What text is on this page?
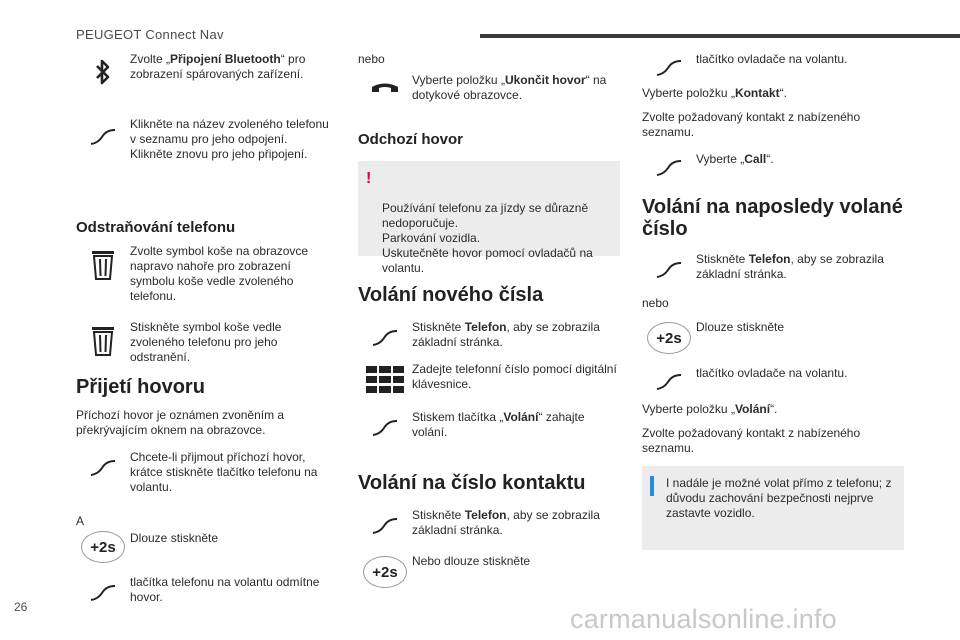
PEUGEOT Connect Nav
Zvolte „Připojení Bluetooth“ pro zobrazení spárovaných zařízení.
Klikněte na název zvoleného telefonu v seznamu pro jeho odpojení.
Klikněte znovu pro jeho připojení.
Odstraňování telefonu
Zvolte symbol koše na obrazovce napravo nahoře pro zobrazení symbolu koše vedle zvoleného telefonu.
Stiskněte symbol koše vedle zvoleného telefonu pro jeho odstranění.
Přijetí hovoru

Příchozí hovor je oznámen zvoněním a překrývajícím oknem na obrazovce.

Chcete-li přijmout příchozí hovor, krátce stiskněte tlačítko telefonu na volantu.

A

+2s
Dlouze stiskněte
tlačítka telefonu na volantu odmítne hovor.

nebo

Vyberte položku „Ukončit hovor“ na dotykové obrazovce.
Odchozí hovor

!

Používání telefonu za jízdy se důrazně nedoporučuje.
Parkování vozidla.
Uskutečněte hovor pomocí ovladačů na volantu.

Volání nového čísla
Stiskněte Telefon, aby se zobrazila základní stránka.
Zadejte telefonní číslo pomocí digitální klávesnice.
Stiskem tlačítka „Volání“ zahajte volání.
Volání na číslo kontaktu
Stiskněte Telefon, aby se zobrazila základní stránka.
+2s
Nebo dlouze stiskněte
tlačítko ovladače na volantu.

Vyberte položku „Kontakt“.

Zvolte požadovaný kontakt z nabízeného seznamu.

Vyberte „Call“.
Volání na naposledy volané číslo
Stiskněte Telefon, aby se zobrazila základní stránka.

nebo

+2s
Dlouze stiskněte
tlačítko ovladače na volantu.

Vyberte položku „Volání“.

Zvolte požadovaný kontakt z nabízeného seznamu.

I nadále je možné volat přímo z telefonu; z důvodu zachování bezpečnosti nejprve zastavte vozidlo.
26	carmanualsonline.info
